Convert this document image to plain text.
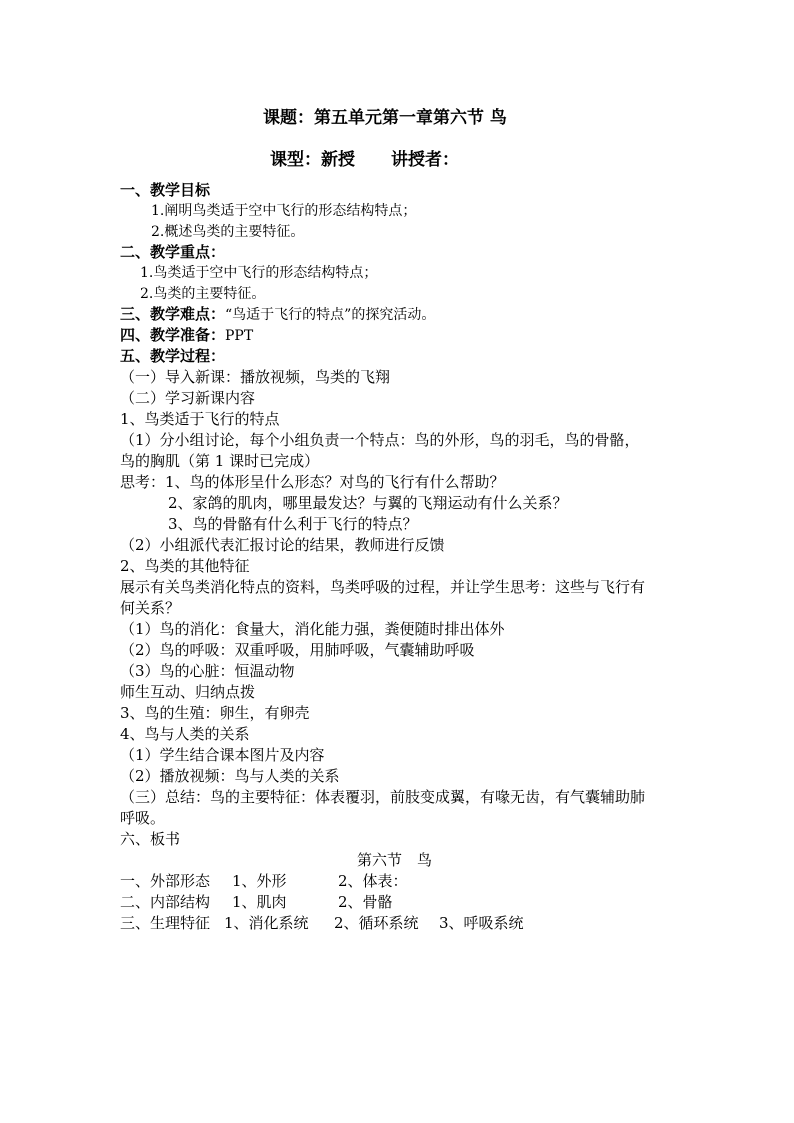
课题：第五单元第一章第六节 鸟
课型：新授 讲授者：
一、教学目标
1.阐明鸟类适于空中飞行的形态结构特点；
2.概述鸟类的主要特征。
二、教学重点：
1.鸟类适于空中飞行的形态结构特点；
2.鸟类的主要特征。
三、教学难点：“鸟适于飞行的特点”的探究活动。
四、教学准备：PPT
五、教学过程：
（一）导入新课：播放视频，鸟类的飞翔
（二）学习新课内容
1、鸟类适于飞行的特点
（1）分小组讨论，每个小组负责一个特点：鸟的外形，鸟的羽毛，鸟的骨骼，
鸟的胸肌（第 1 课时已完成）
思考：1、鸟的体形呈什么形态？对鸟的飞行有什么帮助？
2、家鸽的肌肉，哪里最发达？与翼的飞翔运动有什么关系？
3、鸟的骨骼有什么利于飞行的特点？
（2）小组派代表汇报讨论的结果，教师进行反馈
2、鸟类的其他特征
展示有关鸟类消化特点的资料，鸟类呼吸的过程，并让学生思考：这些与飞行有
何关系？
（1）鸟的消化：食量大，消化能力强，粪便随时排出体外
（2）鸟的呼吸：双重呼吸，用肺呼吸，气囊辅助呼吸
（3）鸟的心脏：恒温动物
师生互动、归纳点拨
3、鸟的生殖：卵生，有卵壳
4、鸟与人类的关系
（1）学生结合课本图片及内容
（2）播放视频：鸟与人类的关系
（三）总结：鸟的主要特征：体表覆羽，前肢变成翼，有喙无齿，有气囊辅助肺
呼吸。
六、板书
第六节　鸟
一、外部形态 1、外形	2、体表：
二、内部结构 1、肌肉	2、骨骼
三、生理特征 1、消化系统 2、循环系统 3、呼吸系统
